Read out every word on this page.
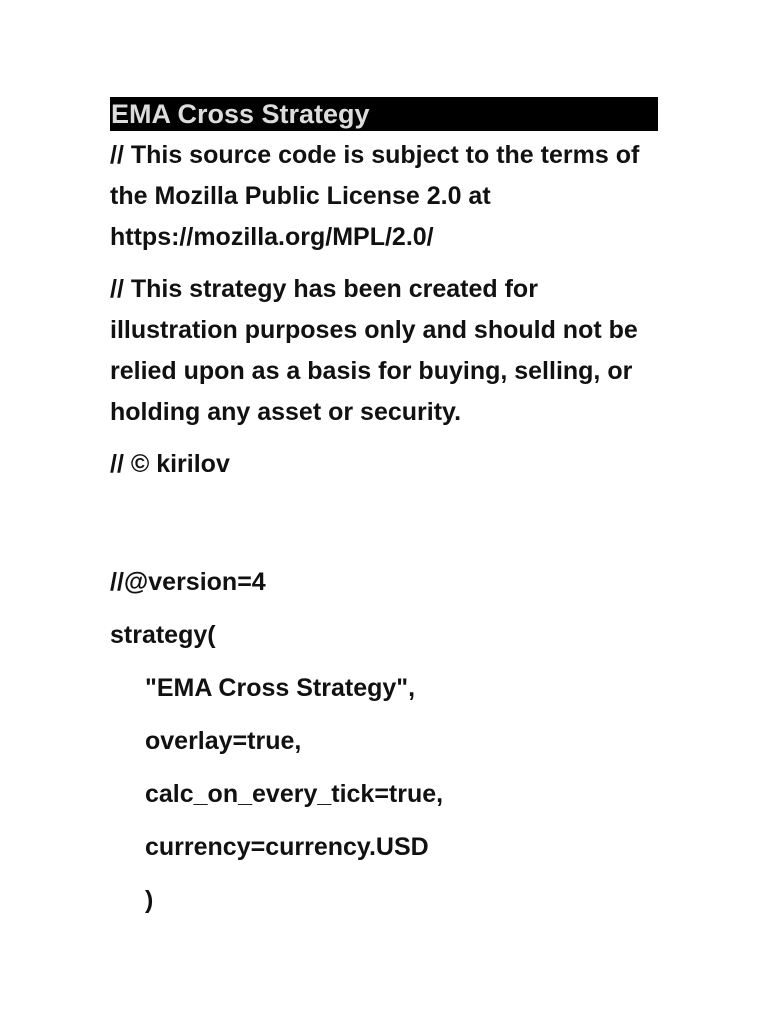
EMA Cross Strategy

// This source code is subject to the terms of the Mozilla Public License 2.0 at https://mozilla.org/MPL/2.0/

// This strategy has been created for illustration purposes only and should not be relied upon as a basis for buying, selling, or holding any asset or security.

// © kirilov

//@version=4

strategy(

"EMA Cross Strategy",

overlay=true,

calc_on_every_tick=true,

currency=currency.USD

)
